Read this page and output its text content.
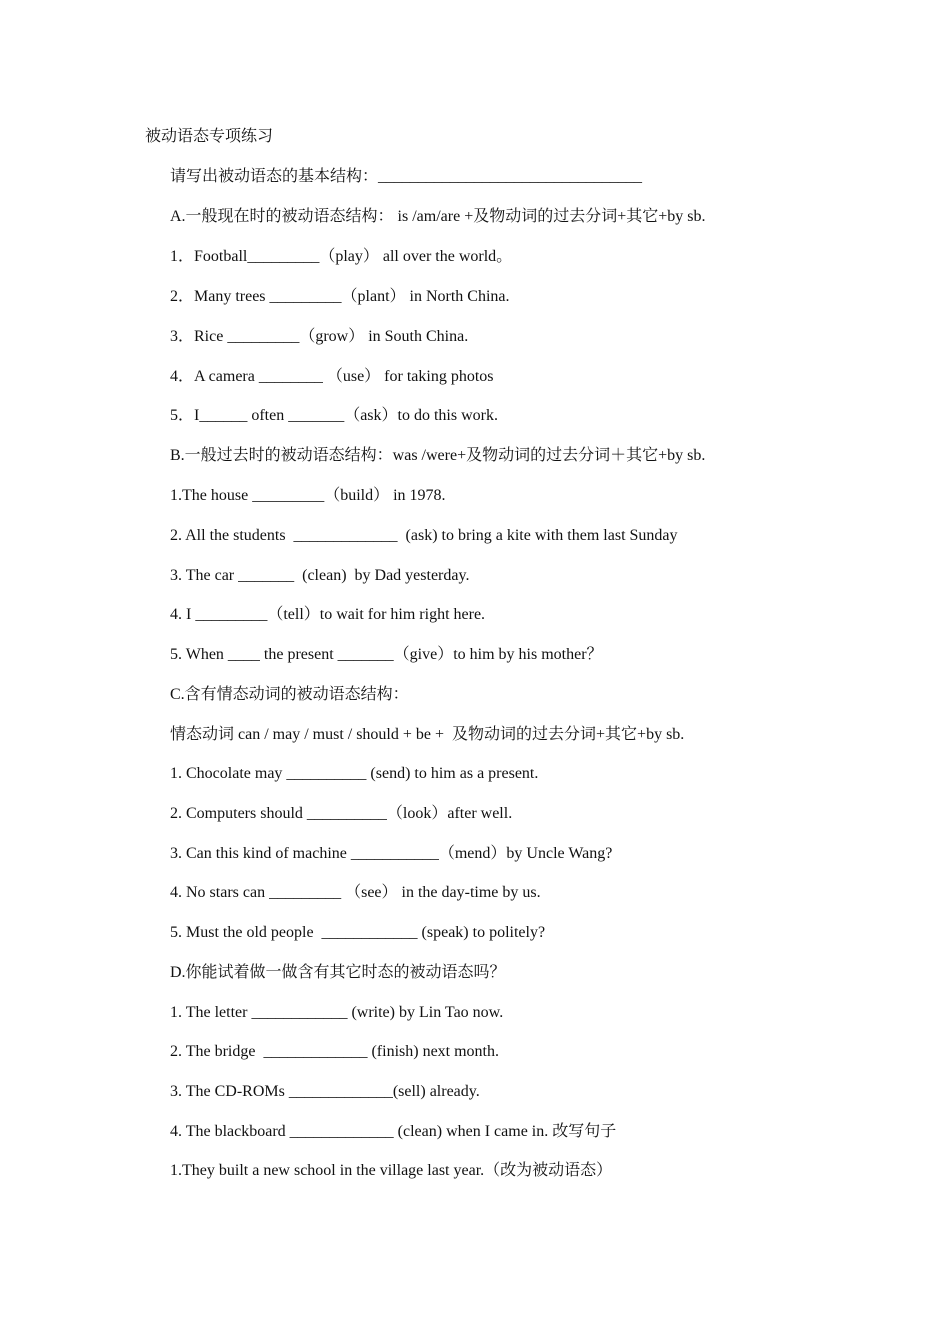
被动语态专项练习
请写出被动语态的基本结构：_________________________________
A.一般现在时的被动语态结构： is /am/are +及物动词的过去分词+其它+by sb.
1．Football_________（play） all over the world。
2．Many trees _________（plant） in North China.
3．Rice _________（grow） in South China.
4．A camera ________ （use） for taking photos
5．I______ often _______（ask）to do this work.
B.一般过去时的被动语态结构：was /were+及物动词的过去分词＋其它+by sb.
1.The house _________（build） in 1978.
2. All the students  _____________  (ask) to bring a kite with them last Sunday
3. The car _______  (clean)  by Dad yesterday.
4. I _________（tell）to wait for him right here.
5. When ____ the present _______（give）to him by his mother？
C.含有情态动词的被动语态结构：
情态动词 can / may / must / should + be +  及物动词的过去分词+其它+by sb.
1. Chocolate may __________ (send) to him as a present.
2. Computers should __________（look）after well.
3. Can this kind of machine ___________（mend）by Uncle Wang?
4. No stars can _________ （see） in the day-time by us.
5. Must the old people  ____________ (speak) to politely?
D.你能试着做一做含有其它时态的被动语态吗？
1. The letter ____________ (write) by Lin Tao now.
2. The bridge  _____________ (finish) next month.
3. The CD-ROMs _____________(sell) already.
4. The blackboard _____________ (clean) when I came in. 改写句子
1.They built a new school in the village last year.（改为被动语态）
